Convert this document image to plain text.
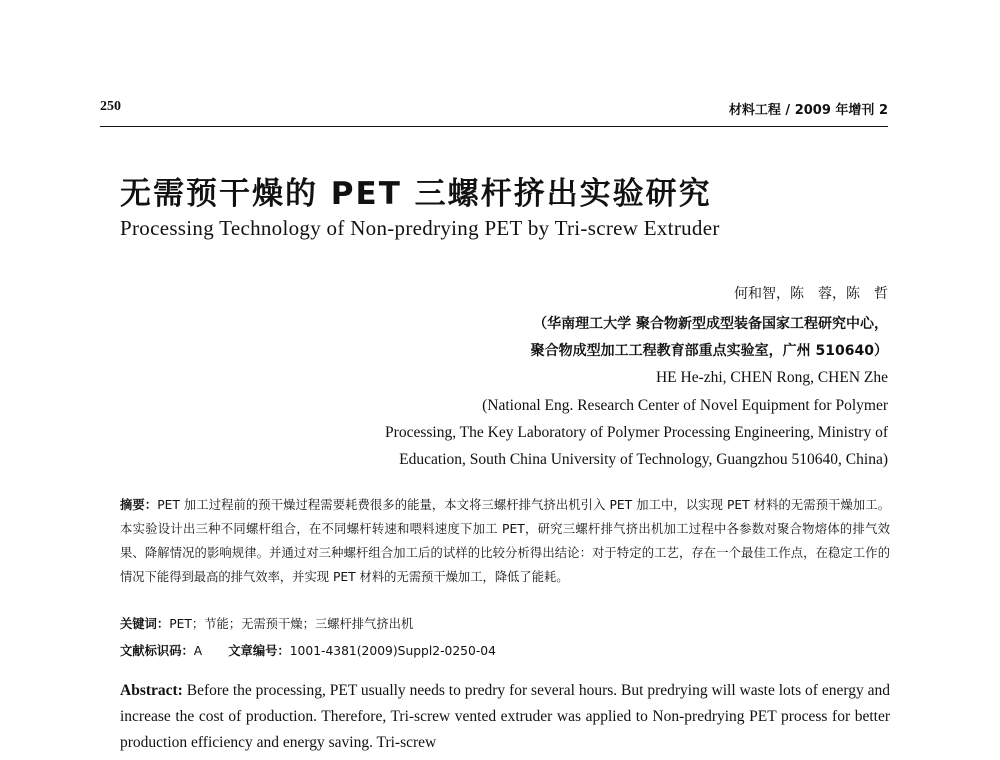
250	材料工程 / 2009 年增刊 2
无需预干燥的 PET 三螺杆挤出实验研究
Processing Technology of Non-predrying PET by Tri-screw Extruder
何和智，陈　蓉，陈　哲
（华南理工大学 聚合物新型成型装备国家工程研究中心，
聚合物成型加工工程教育部重点实验室，广州 510640）
HE He-zhi, CHEN Rong, CHEN Zhe
(National Eng. Research Center of Novel Equipment for Polymer
Processing, The Key Laboratory of Polymer Processing Engineering, Ministry of
Education, South China University of Technology, Guangzhou 510640, China)
摘要：PET 加工过程前的预干燥过程需要耗费很多的能量，本文将三螺杆排气挤出机引入 PET 加工中，以实现 PET 材料的无需预干燥加工。本实验设计出三种不同螺杆组合，在不同螺杆转速和喂料速度下加工 PET，研究三螺杆排气挤出机加工过程中各参数对聚合物熔体的排气效果、降解情况的影响规律。并通过对三种螺杆组合加工后的试样的比较分析得出结论：对于特定的工艺，存在一个最佳工作点，在稳定工作的情况下能得到最高的排气效率，并实现 PET 材料的无需预干燥加工，降低了能耗。
关键词：PET；节能；无需预干燥；三螺杆排气挤出机
文献标识码：A 文章编号：1001-4381(2009)Suppl2-0250-04
Abstract: Before the processing, PET usually needs to predry for several hours. But predrying will waste lots of energy and increase the cost of production. Therefore, Tri-screw vented extruder was applied to Non-predrying PET process for better production efficiency and energy saving. Tri-screw
